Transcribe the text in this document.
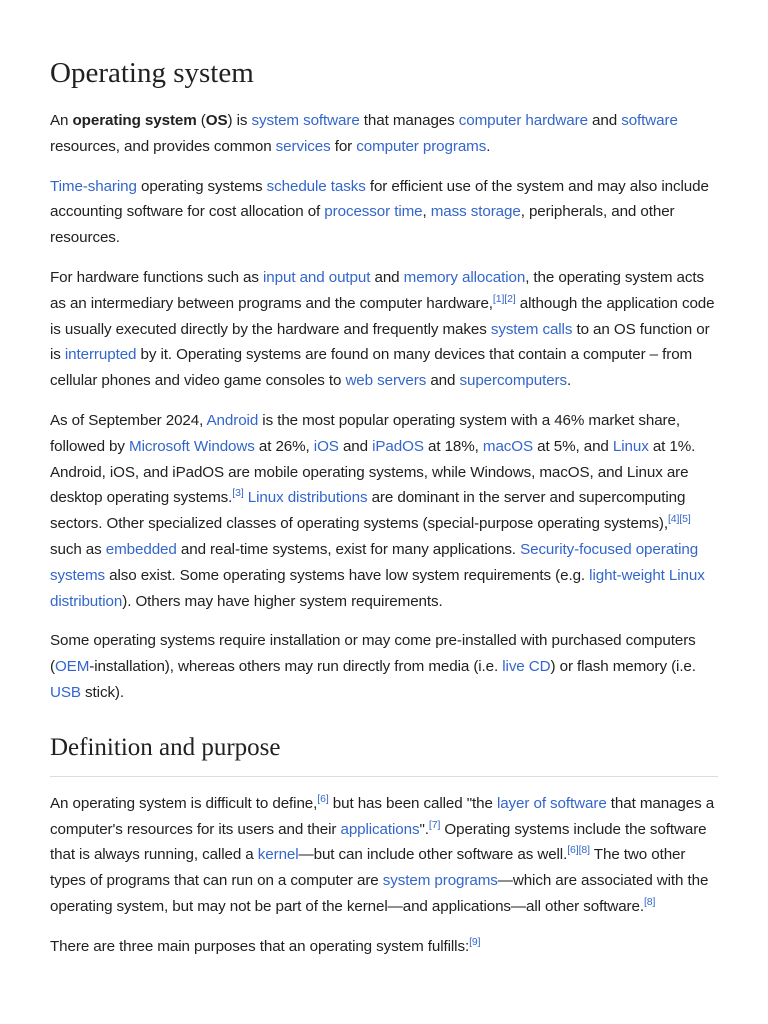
Operating system

An operating system (OS) is system software that manages computer hardware and software resources, and provides common services for computer programs.

Time-sharing operating systems schedule tasks for efficient use of the system and may also include accounting software for cost allocation of processor time, mass storage, peripherals, and other resources.

For hardware functions such as input and output and memory allocation, the operating system acts as an intermediary between programs and the computer hardware,[1][2] although the application code is usually executed directly by the hardware and frequently makes system calls to an OS function or is interrupted by it. Operating systems are found on many devices that contain a computer – from cellular phones and video game consoles to web servers and supercomputers.

As of September 2024, Android is the most popular operating system with a 46% market share, followed by Microsoft Windows at 26%, iOS and iPadOS at 18%, macOS at 5%, and Linux at 1%. Android, iOS, and iPadOS are mobile operating systems, while Windows, macOS, and Linux are desktop operating systems.[3] Linux distributions are dominant in the server and supercomputing sectors. Other specialized classes of operating systems (special-purpose operating systems),[4][5] such as embedded and real-time systems, exist for many applications. Security-focused operating systems also exist. Some operating systems have low system requirements (e.g. light-weight Linux distribution). Others may have higher system requirements.

Some operating systems require installation or may come pre-installed with purchased computers (OEM-installation), whereas others may run directly from media (i.e. live CD) or flash memory (i.e. USB stick).

Definition and purpose

An operating system is difficult to define,[6] but has been called "the layer of software that manages a computer's resources for its users and their applications".[7] Operating systems include the software that is always running, called a kernel—but can include other software as well.[6][8] The two other types of programs that can run on a computer are system programs—which are associated with the operating system, but may not be part of the kernel—and applications—all other software.[8]

There are three main purposes that an operating system fulfills:[9]
